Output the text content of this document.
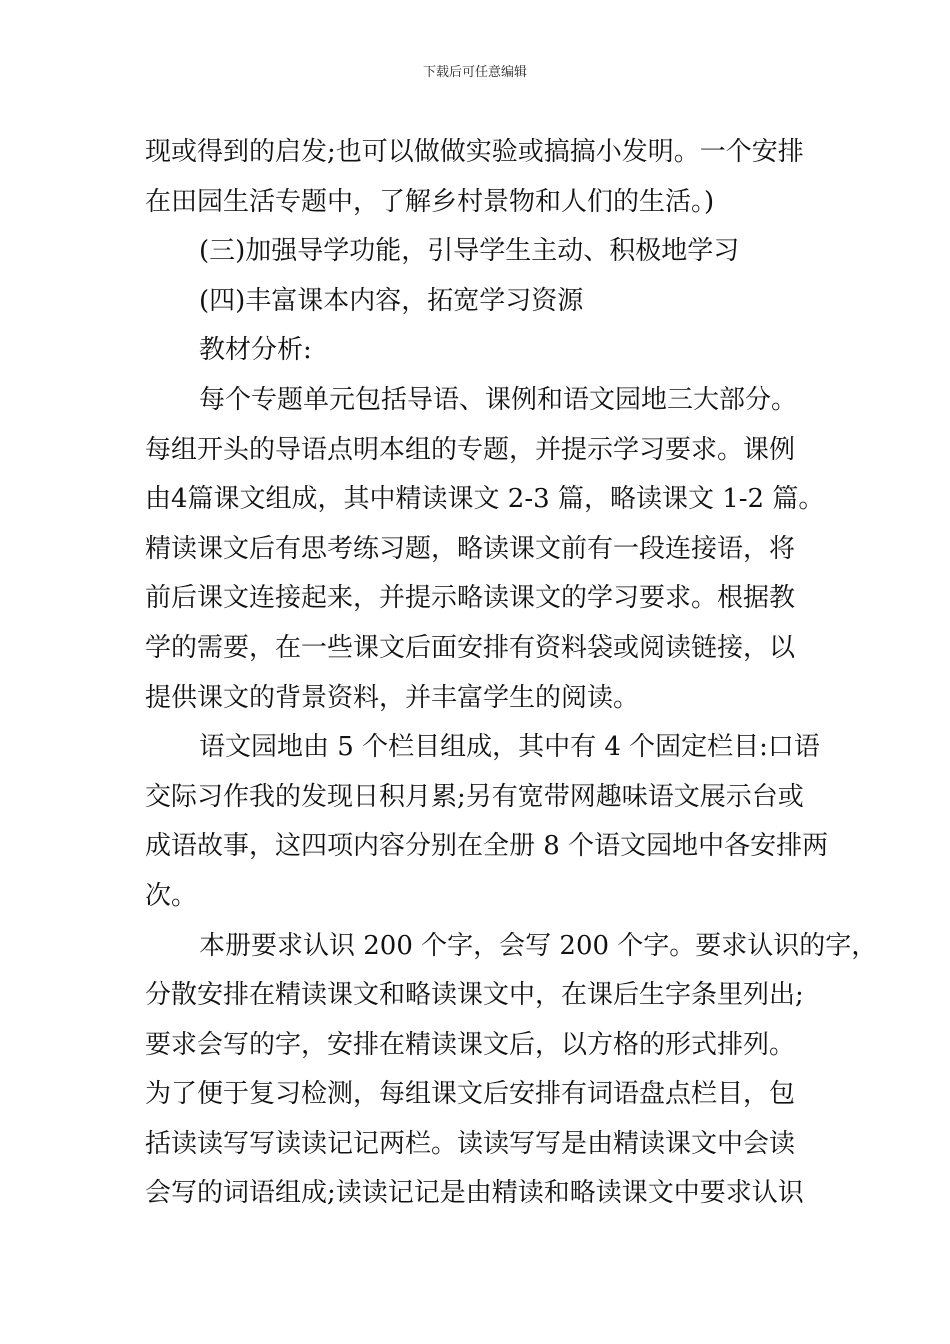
下载后可任意编辑
现或得到的启发;也可以做做实验或搞搞小发明。一个安排
在田园生活专题中，了解乡村景物和人们的生活。)
(三)加强导学功能，引导学生主动、积极地学习
(四)丰富课本内容，拓宽学习资源
教材分析:
每个专题单元包括导语、课例和语文园地三大部分。
每组开头的导语点明本组的专题，并提示学习要求。课例
由4篇课文组成，其中精读课文 2-3 篇，略读课文 1-2 篇。
精读课文后有思考练习题，略读课文前有一段连接语，将
前后课文连接起来，并提示略读课文的学习要求。根据教
学的需要，在一些课文后面安排有资料袋或阅读链接，以
提供课文的背景资料，并丰富学生的阅读。
语文园地由 5 个栏目组成，其中有 4 个固定栏目:口语
交际习作我的发现日积月累;另有宽带网趣味语文展示台或
成语故事，这四项内容分别在全册 8 个语文园地中各安排两
次。
本册要求认识 200 个字，会写 200 个字。要求认识的字，
分散安排在精读课文和略读课文中，在课后生字条里列出;
要求会写的字，安排在精读课文后，以方格的形式排列。
为了便于复习检测，每组课文后安排有词语盘点栏目，包
括读读写写读读记记两栏。读读写写是由精读课文中会读
会写的词语组成;读读记记是由精读和略读课文中要求认识
